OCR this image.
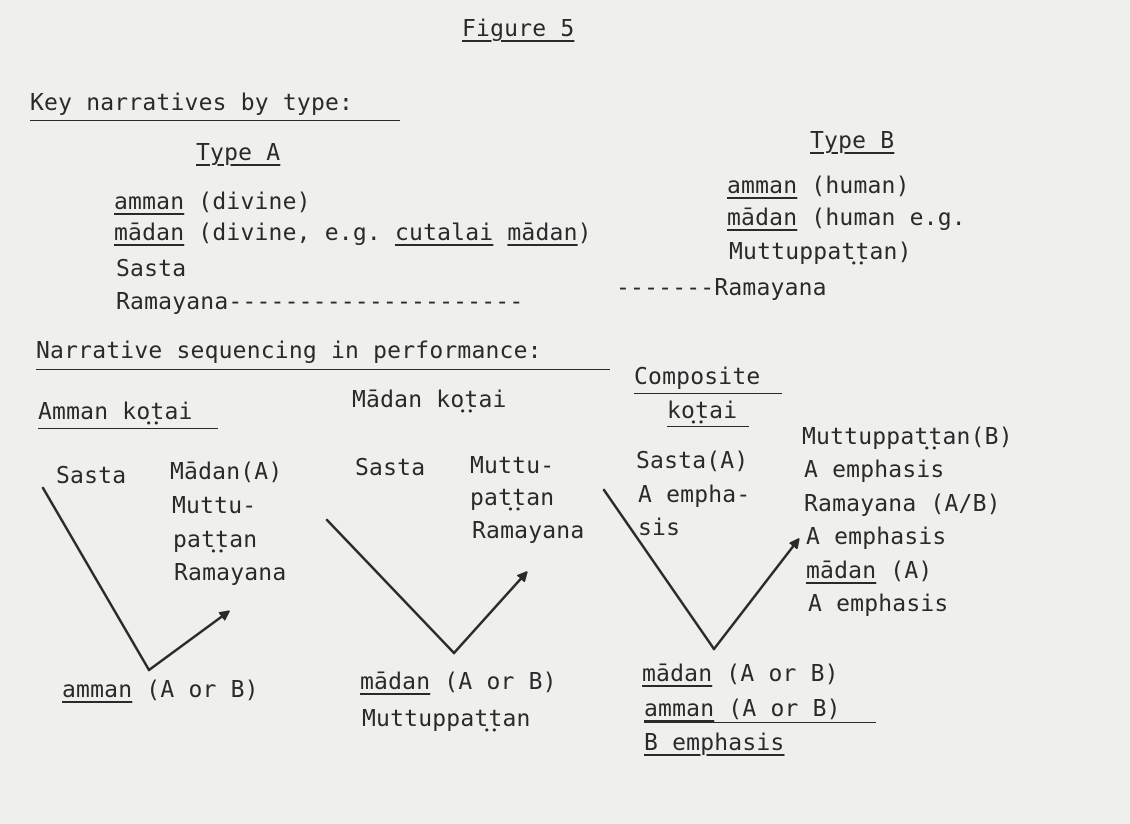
Figure 5
Key narratives by type:
Type A
amman (divine)
mādan (divine, e.g. cutalai mādan)
Sasta
Ramayana---------------------
Type B
amman (human)
mādan (human e.g.
Muttuppatt ••an)
-------Ramayana
Narrative sequencing in performance:
Amman kot ••ai
Sasta Mādan(A)
Muttu-
patt ••an
Ramayana
amman (A or B)
Mādan kot ••ai
Sasta Muttu-
patt ••an
Ramayana
mādan (A or B)
Muttuppatt ••an
Composite
kot ••ai
Sasta(A)
A empha-
sis
Muttuppatt ••an(B)
A emphasis
Ramayana (A/B)
A emphasis
mādan (A)
A emphasis
mādan (A or B)
amman (A or B)
B emphasis
